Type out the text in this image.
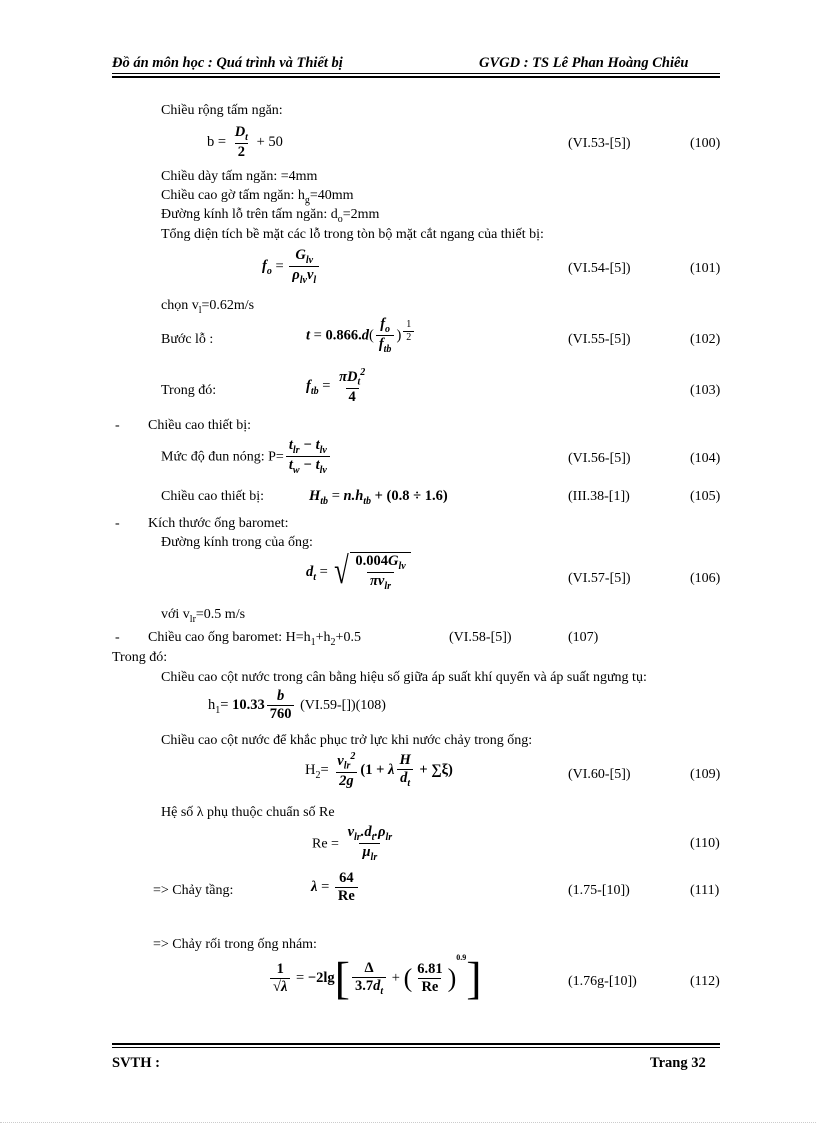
Đồ án môn học : Quá trình và Thiết bị	GVGD : TS Lê Phan Hoàng Chiêu
Chiều rộng tấm ngăn:
$b = \frac{D_t}{2} + 50$	(VI.53-[5])	(100)
Chiều dày tấm ngăn: =4mm
Chiều cao gờ tấm ngăn: $h_g=40mm$
Đường kính lỗ trên tấm ngăn: $d_o=2mm$
Tổng diện tích bề mặt các lỗ trong tòn bộ mặt cắt ngang của thiết bị:
$f_o = \frac{G_{lv}}{\rho_{lv}v_l}$	(VI.54-[5])	(101)
chọn $v_l=0.62m/s$
Bước lỗ :	$t = 0.866.d( \frac{f_o}{f_{tb}}$ ) $^{\frac{1}{2}}$	(VI.55-[5])	(102)
Trong đó:	$f_{tb} = \frac{\pi D_t^2}{4}$	(103)
- Chiều cao thiết bị:
Mức độ đun nóng: $P= \frac{t_{lr} - t_{lv}}{t_w - t_{lv}}$	(VI.56-[5])	(104)
Chiều cao thiết bị:	$H_{tb} = n.h_{tb} + (0.8 \div 1.6)$	(III.38-[1])	(105)
- Kích thước ống baromet:
Đường kính trong của ống:
$d_t$ = √ $\frac{0.004G_{lv}}{\pi v_{lr}}$	(VI.57-[5])	(106)
với $v_{lr}=0.5$ m/s
- Chiều cao ống baromet: $H=h_1+h_2+0.5$	(VI.58-[5])	(107)
Trong đó:
Chiều cao cột nước trong cân bằng hiệu số giữa áp suất khí quyển và áp suất ngưng tụ:
$h_1= 10.33 \frac{b}{760} (VI.59-[])(108)$
Chiều cao cột nước để khắc phục trở lực khi nước chảy trong ống:
$H_2= \frac{v_{lr}^2}{2g} (1 + \lambda \frac{H}{d_t} + \sum\xi)$	(VI.60-[5])	(109)
Hệ số λ phụ thuộc chuẩn số Re
$Re = \frac{v_{lr}.d_t.\rho_{lr}}{\mu_{lr}}$	(110)
=> Chảy tầng:	$\lambda = \frac{64}{Re}$	(1.75-[10])	(111)
=> Chảy rối trong ống nhám:
$\frac{1}{√\lambda} = -2\lg[ \frac{\Delta}{3.7d_t}$ + ( $\frac{6.81}{Re} )^{0.9}$]	(1.76g-[10])	(112)
SVTH :	Trang 32
